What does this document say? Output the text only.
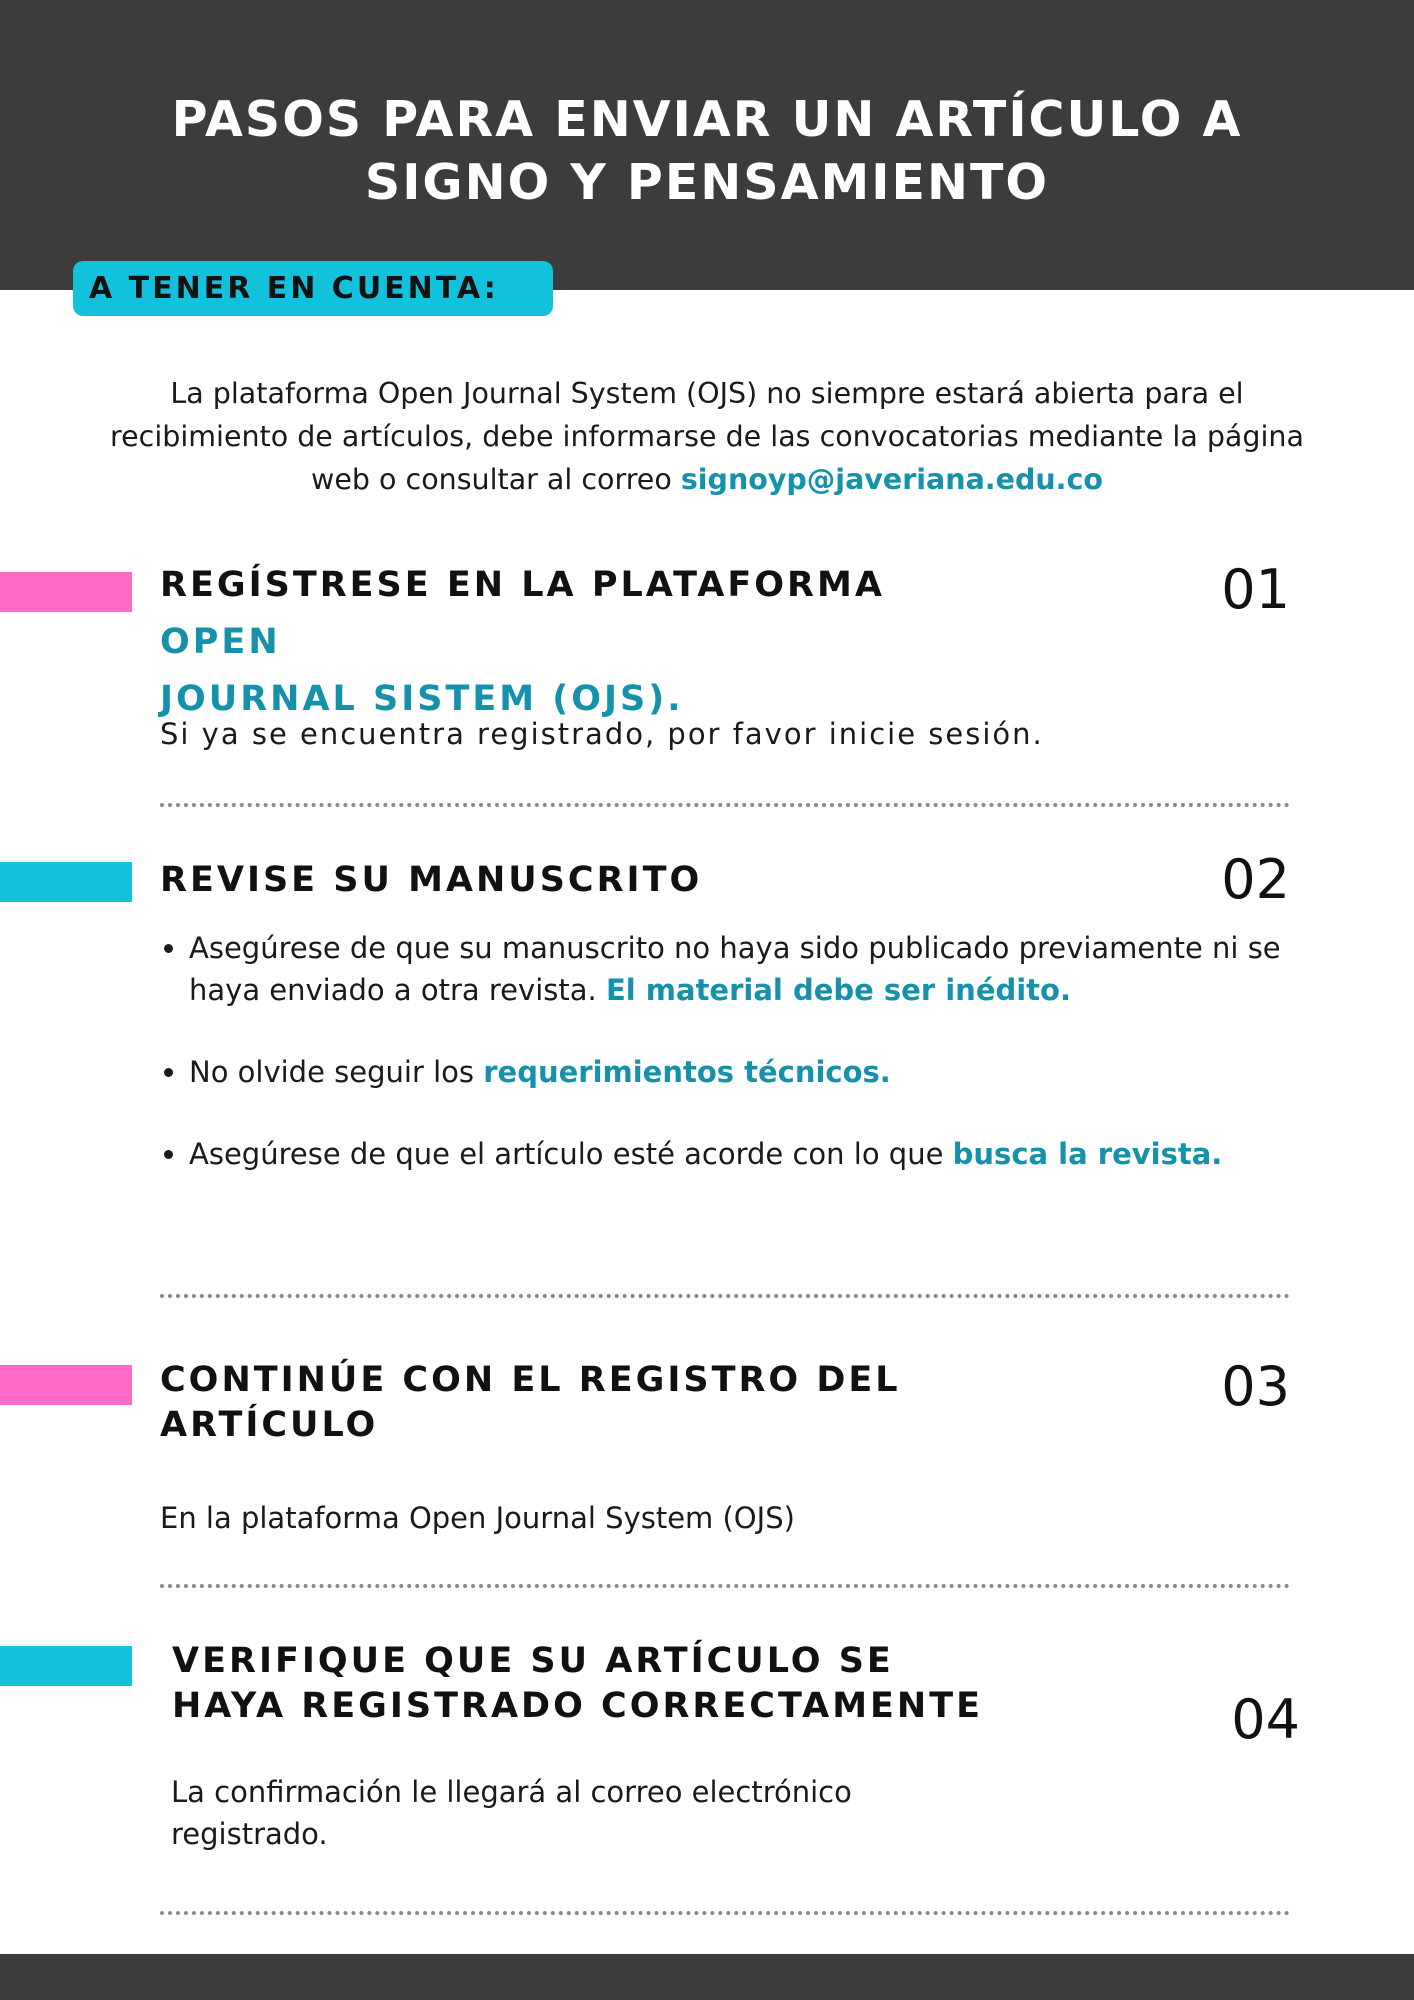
PASOS PARA ENVIAR UN ARTÍCULO A
SIGNO Y PENSAMIENTO
A TENER EN CUENTA:
La plataforma Open Journal System (OJS) no siempre estará abierta para el
recibimiento de artículos, debe informarse de las convocatorias mediante la página
web o consultar al correo signoyp@javeriana.edu.co
REGÍSTRESE EN LA PLATAFORMA
OPEN
JOURNAL SISTEM (OJS).
01
Si ya se encuentra registrado, por favor inicie sesión.
REVISE SU MANUSCRITO	02
• Asegúrese de que su manuscrito no haya sido publicado previamente ni se haya enviado a otra revista. El material debe ser inédito.
• No olvide seguir los requerimientos técnicos.
• Asegúrese de que el artículo esté acorde con lo que busca la revista.
CONTINÚE CON EL REGISTRO DEL
ARTÍCULO
03
En la plataforma Open Journal System (OJS)
VERIFIQUE QUE SU ARTÍCULO SE
HAYA REGISTRADO CORRECTAMENTE	04
La confirmación le llegará al correo electrónico
registrado.
